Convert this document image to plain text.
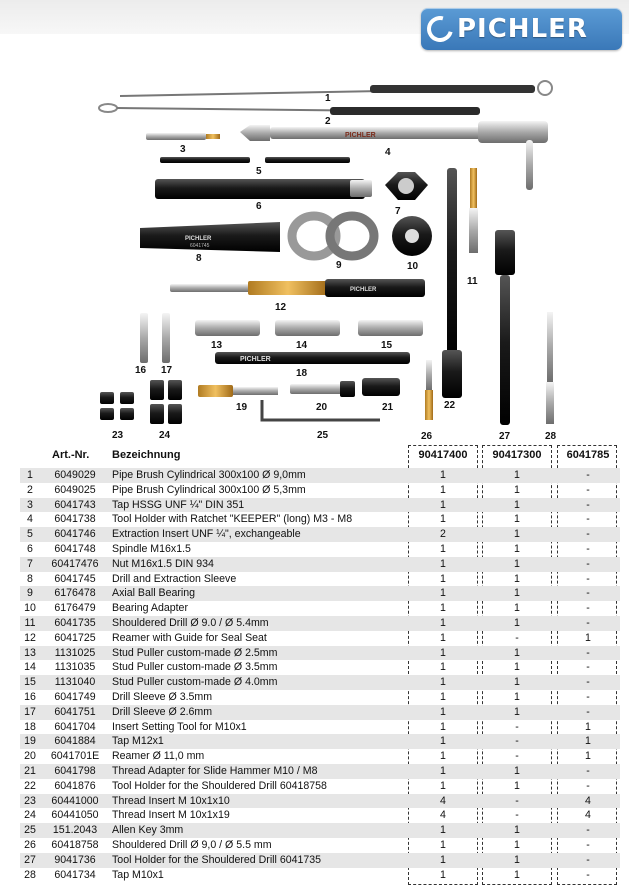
PICHLER
PICHLER
PICHLER
6041745
PICHLER
PICHLER
1
2
3	4
5
6	7
8
9	10
11
12
13	14	15
16 17	18
19	20	21	22
23	24	25	26	27	28
Art.-Nr. Bezeichnung	90417400	90417300	6041785
1	6049029	Pipe Brush Cylindrical 300x100 Ø 9,0mm	1	1	-
2	6049025	Pipe Brush Cylindrical 300x100 Ø 5,3mm	1	1	-
3	6041743	Tap HSSG UNF ¼" DIN 351	1	1	-
4	6041738	Tool Holder with Ratchet "KEEPER" (long) M3 - M8	1	1	-
5	6041746	Extraction Insert UNF ¼", exchangeable	2	1	-
6	6041748	Spindle M16x1.5	1	1	-
7	60417476	Nut M16x1.5 DIN 934	1	1	-
8	6041745	Drill and Extraction Sleeve	1	1	-
9	6176478	Axial Ball Bearing	1	1	-
10	6176479	Bearing Adapter	1	1	-
11	6041735	Shouldered Drill Ø 9.0 / Ø 5.4mm	1	1	-
12	6041725	Reamer with Guide for Seal Seat	1	-	1
13	1131025	Stud Puller custom-made Ø 2.5mm	1	1	-
14	1131035	Stud Puller custom-made Ø 3.5mm	1	1	-
15	1131040	Stud Puller custom-made Ø 4.0mm	1	1	-
16	6041749	Drill Sleeve Ø 3.5mm	1	1	-
17	6041751	Drill Sleeve Ø 2.6mm	1	1	-
18	6041704	Insert Setting Tool for M10x1	1	-	1
19	6041884	Tap M12x1	1	-	1
20	6041701E	Reamer Ø 11,0 mm	1	-	1
21	6041798	Thread Adapter for Slide Hammer M10 / M8	1	1	-
22	6041876	Tool Holder for the Shouldered Drill 60418758	1	1	-
23	60441000	Thread Insert M 10x1x10	4	-	4
24	60441050	Thread Insert M 10x1x19	4	-	4
25	151.2043	Allen Key 3mm	1	1	-
26	60418758	Shouldered Drill Ø 9,0 / Ø 5.5 mm	1	1	-
27	9041736	Tool Holder for the Shouldered Drill 6041735	1	1	-
28	6041734	Tap M10x1	1	1	-
